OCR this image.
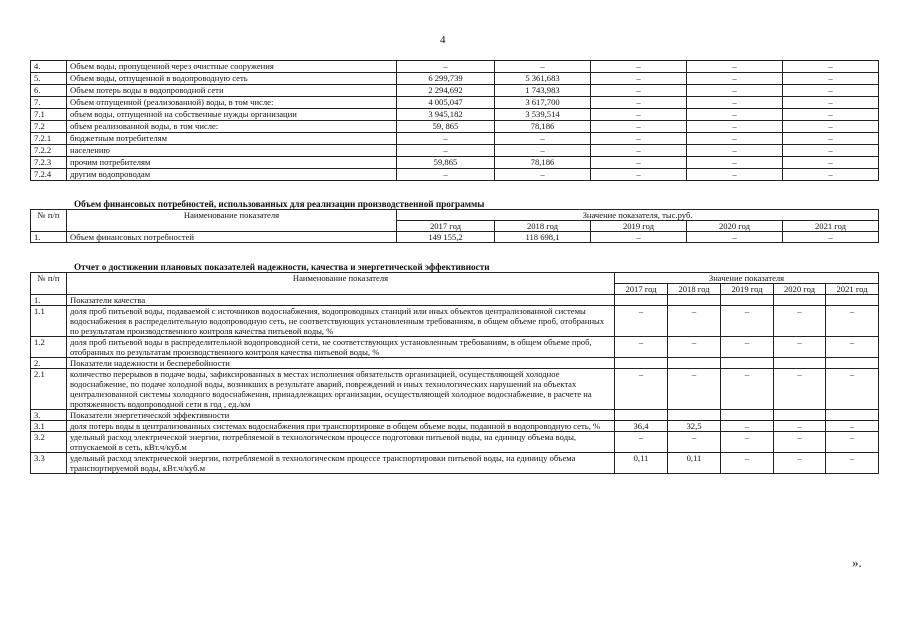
4
4.	Объем воды, пропущенной через очистные сооружения	–	–	–	–	–
5.	Объем воды, отпущенной в водопроводную сеть	6 299,739	5 361,683	–	–	–
6.	Объем потерь воды в водопроводной сети	2 294,692	1 743,983	–	–	–
7.	Объем отпущенной (реализованной) воды, в том числе:	4 005,047	3 617,700	–	–	–
7.1	объем воды, отпущенной на собственные нужды организации	3 945,182	3 539,514	–	–	–
7.2	объем реализованной воды, в том числе:	59, 865	78,186	–	–	–
7.2.1	бюджетным потребителям	–	–	–	–	–
7.2.2	населению	–	–	–	–	–
7.2.3	прочим потребителям	59,865	78,186	–	–	–
7.2.4	другим водопроводам	–	–	–	–	–
Объем финансовых потребностей, использованных для реализации производственной программы
№ п/п	Наименование показателя	Значение показателя, тыс.руб.				
		2017 год	2018 год	2019 год	2020 год	2021 год
1.	Объем финансовых потребностей	149 155,2	118 698,1	–	–	–
Отчет о достижении плановых показателей надежности, качества и энергетической эффективности
№ п/п	Наименование показателя	Значение показателя				
		2017 год	2018 год	2019 год	2020 год	2021 год
1.	Показатели качества					
1.1	доля проб питьевой воды, подаваемой с источников водоснабжения, водопроводных станций или иных объектов централизованной системы водоснабжения в распределительную водопроводную сеть, не соответствующих установленным требованиям, в общем объеме проб, отобранных по результатам производственного контроля качества питьевой воды, %	–	–	–	–	–
1.2	доля проб питьевой воды в распределительной водопроводной сети, не соответствующих установленным требованиям, в общем объеме проб, отобранных по результатам производственного контроля качества питьевой воды, %	–	–	–	–	–
2.	Показатели надежности и бесперебойности					
2.1	количество перерывов в подаче воды, зафиксированных в местах исполнения обязательств организацией, осуществляющей холодное водоснабжение, по подаче холодной воды, возникших в результате аварий, повреждений и иных технологических нарушений на объектах централизованной системы холодного водоснабжения, принадлежащих организации, осуществляющей холодное водоснабжение, в расчете на протяженность водопроводной сети в год , ед./км	–	–	–	–	–
3.	Показатели энергетической эффективности					
3.1	доля потерь воды в централизованных системах водоснабжения при транспортировке в общем объеме воды, поданной в водопроводную сеть, %	36,4	32,5	–	–	–
3.2	удельный расход электрической энергии, потребляемой в технологическом процессе подготовки питьевой воды, на единицу объема воды, отпускаемой в сеть, кВт.ч/куб.м	–	–	–	–	–
3.3	удельный расход электрической энергии, потребляемой в технологическом процессе транспортировки питьевой воды, на единицу объема транспортируемой воды, кВт.ч/куб.м	0,11	0,11	–	–	–
».
